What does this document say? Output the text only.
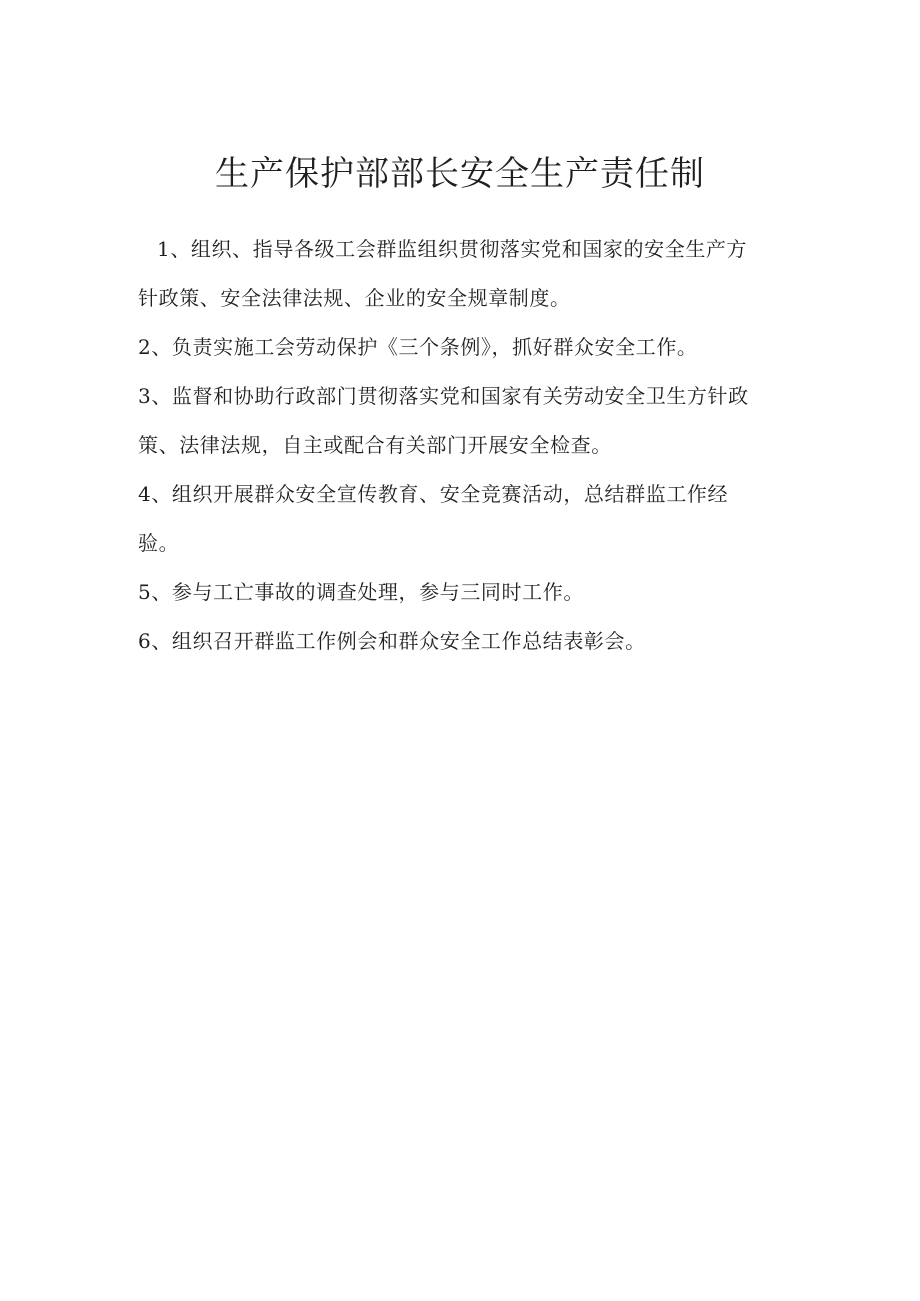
生产保护部部长安全生产责任制
1、组织、指导各级工会群监组织贯彻落实党和国家的安全生产方
针政策、安全法律法规、企业的安全规章制度。
2、负责实施工会劳动保护《三个条例》，抓好群众安全工作。
3、监督和协助行政部门贯彻落实党和国家有关劳动安全卫生方针政
策、法律法规，自主或配合有关部门开展安全检查。
4、组织开展群众安全宣传教育、安全竞赛活动，总结群监工作经
验。
5、参与工亡事故的调查处理，参与三同时工作。
6、组织召开群监工作例会和群众安全工作总结表彰会。
